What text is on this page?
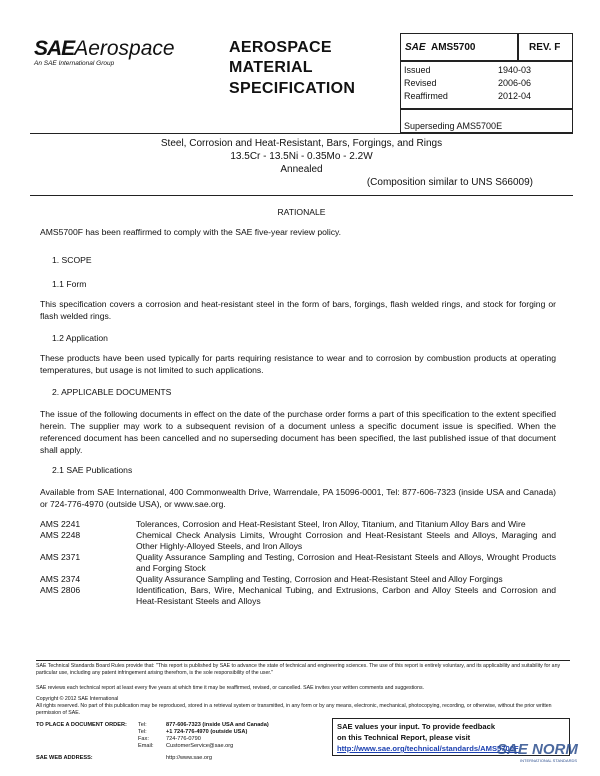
SAEAerospace
An SAE International Group
AEROSPACE
MATERIAL
SPECIFICATION
SAE AMS5700	REV. F
Issued	1940-03
Revised	2006-06
Reaffirmed	2012-04
Superseding AMS5700E
Steel, Corrosion and Heat-Resistant, Bars, Forgings, and Rings
13.5Cr - 13.5Ni - 0.35Mo - 2.2W
Annealed
(Composition similar to UNS S66009)
RATIONALE
AMS5700F has been reaffirmed to comply with the SAE five-year review policy.
1. SCOPE
1.1 Form
This specification covers a corrosion and heat-resistant steel in the form of bars, forgings, flash welded rings, and stock for forging or flash welded rings.
1.2 Application
These products have been used typically for parts requiring resistance to wear and to corrosion by combustion products at operating temperatures, but usage is not limited to such applications.
2. APPLICABLE DOCUMENTS
The issue of the following documents in effect on the date of the purchase order forms a part of this specification to the extent specified herein. The supplier may work to a subsequent revision of a document unless a specific document issue is specified. When the referenced document has been cancelled and no superseding document has been specified, the last published issue of that document shall apply.
2.1 SAE Publications
Available from SAE International, 400 Commonwealth Drive, Warrendale, PA 15096-0001, Tel: 877-606-7323 (inside USA and Canada) or 724-776-4970 (outside USA), or www.sae.org.
AMS 2241	Tolerances, Corrosion and Heat-Resistant Steel, Iron Alloy, Titanium, and Titanium Alloy Bars and Wire
AMS 2248	Chemical Check Analysis Limits, Wrought Corrosion and Heat-Resistant Steels and Alloys, Maraging and Other Highly-Alloyed Steels, and Iron Alloys
AMS 2371	Quality Assurance Sampling and Testing, Corrosion and Heat-Resistant Steels and Alloys, Wrought Products and Forging Stock
AMS 2374	Quality Assurance Sampling and Testing, Corrosion and Heat-Resistant Steel and Alloy Forgings
AMS 2806	Identification, Bars, Wire, Mechanical Tubing, and Extrusions, Carbon and Alloy Steels and Corrosion and Heat-Resistant Steels and Alloys
SAE Technical Standards Board Rules provide that: "This report is published by SAE to advance the state of technical and engineering sciences. The use of this report is entirely voluntary, and its applicability and suitability for any particular use, including any patent infringement arising therefrom, is the sole responsibility of the user."
SAE reviews each technical report at least every five years at which time it may be reaffirmed, revised, or cancelled. SAE invites your written comments and suggestions.
Copyright © 2012 SAE International
All rights reserved. No part of this publication may be reproduced, stored in a retrieval system or transmitted, in any form or by any means, electronic, mechanical, photocopying, recording, or otherwise, without the prior written permission of SAE.
TO PLACE A DOCUMENT ORDER: Tel:	877-606-7323 (inside USA and Canada)
Tel:	+1 724-776-4970 (outside USA)
Fax:	724-776-0790
Email: CustomerService@sae.org
SAE WEB ADDRESS:	http://www.sae.org
SAE values your input. To provide feedback
on this Technical Report, please visit
http://www.sae.org/technical/standards/AMS5700F
SAE NORM
INTERNATIONAL STANDARDS
